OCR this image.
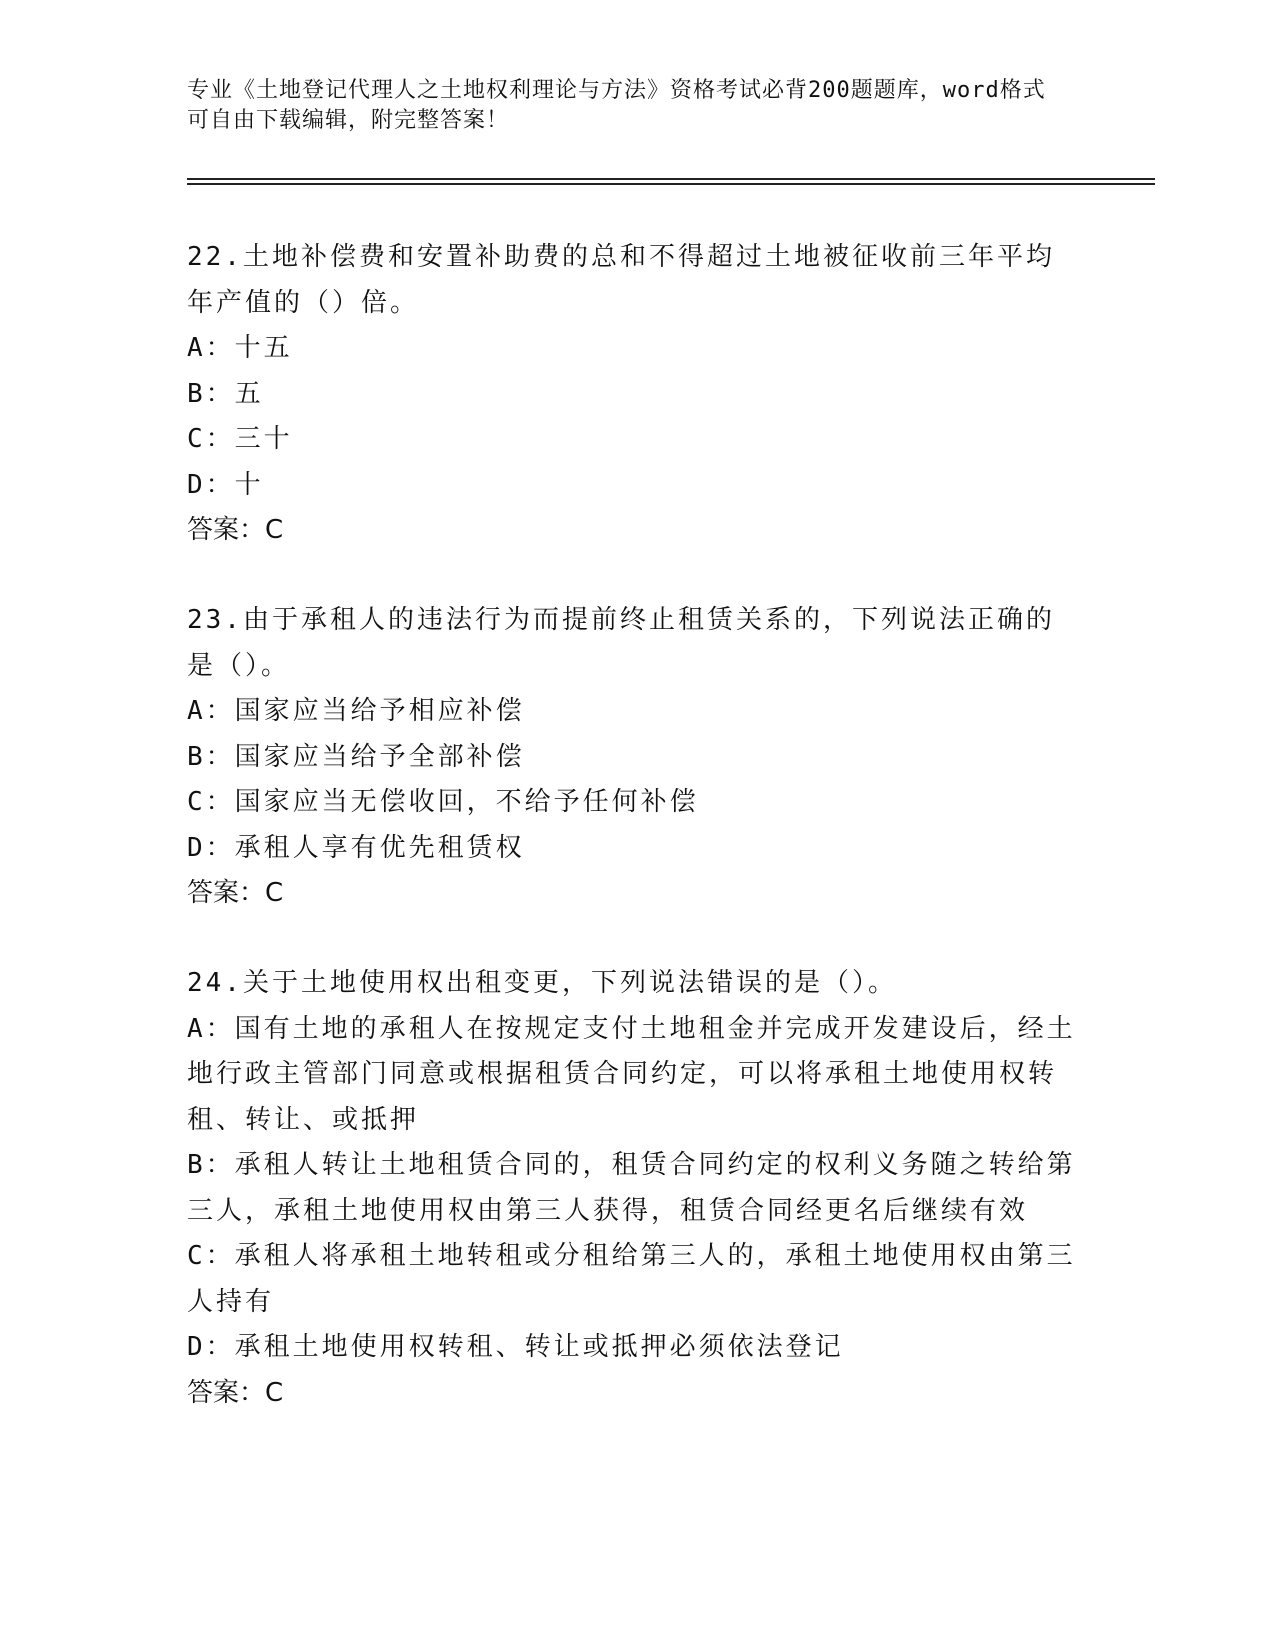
专业《土地登记代理人之土地权利理论与方法》资格考试必背200题题库，word格式可自由下载编辑，附完整答案！

22.土地补偿费和安置补助费的总和不得超过土地被征收前三年平均年产值的（）倍。

A：十五

B：五

C：三十

D：十

答案：C

23.由于承租人的违法行为而提前终止租赁关系的，下列说法正确的是（）。

A：国家应当给予相应补偿

B：国家应当给予全部补偿

C：国家应当无偿收回，不给予任何补偿

D：承租人享有优先租赁权

答案：C

24.关于土地使用权出租变更，下列说法错误的是（）。

A：国有土地的承租人在按规定支付土地租金并完成开发建设后，经土地行政主管部门同意或根据租赁合同约定，可以将承租土地使用权转租、转让、或抵押

B：承租人转让土地租赁合同的，租赁合同约定的权利义务随之转给第三人，承租土地使用权由第三人获得，租赁合同经更名后继续有效

C：承租人将承租土地转租或分租给第三人的，承租土地使用权由第三人持有

D：承租土地使用权转租、转让或抵押必须依法登记

答案：C
